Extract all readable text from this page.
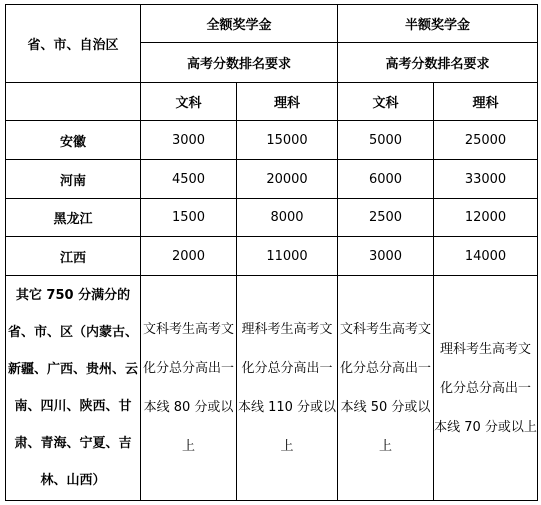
省、市、自治区	全额奖学金		半额奖学金	
	高考分数排名要求		高考分数排名要求	
	文科	理科	文科	理科
安徽	3000	15000	5000	25000
河南	4500	20000	6000	33000
黑龙江	1500	8000	2500	12000
江西	2000	11000	3000	14000
其它 750 分满分的省、市、区（内蒙古、新疆、广西、贵州、云南、四川、陕西、甘肃、青海、宁夏、吉林、山西）	文科考生高考文化分总分高出一本线 80 分或以上	理科考生高考文化分总分高出一本线 110 分或以上	文科考生高考文化分总分高出一本线 50 分或以上	理科考生高考文化分总分高出一本线 70 分或以上
